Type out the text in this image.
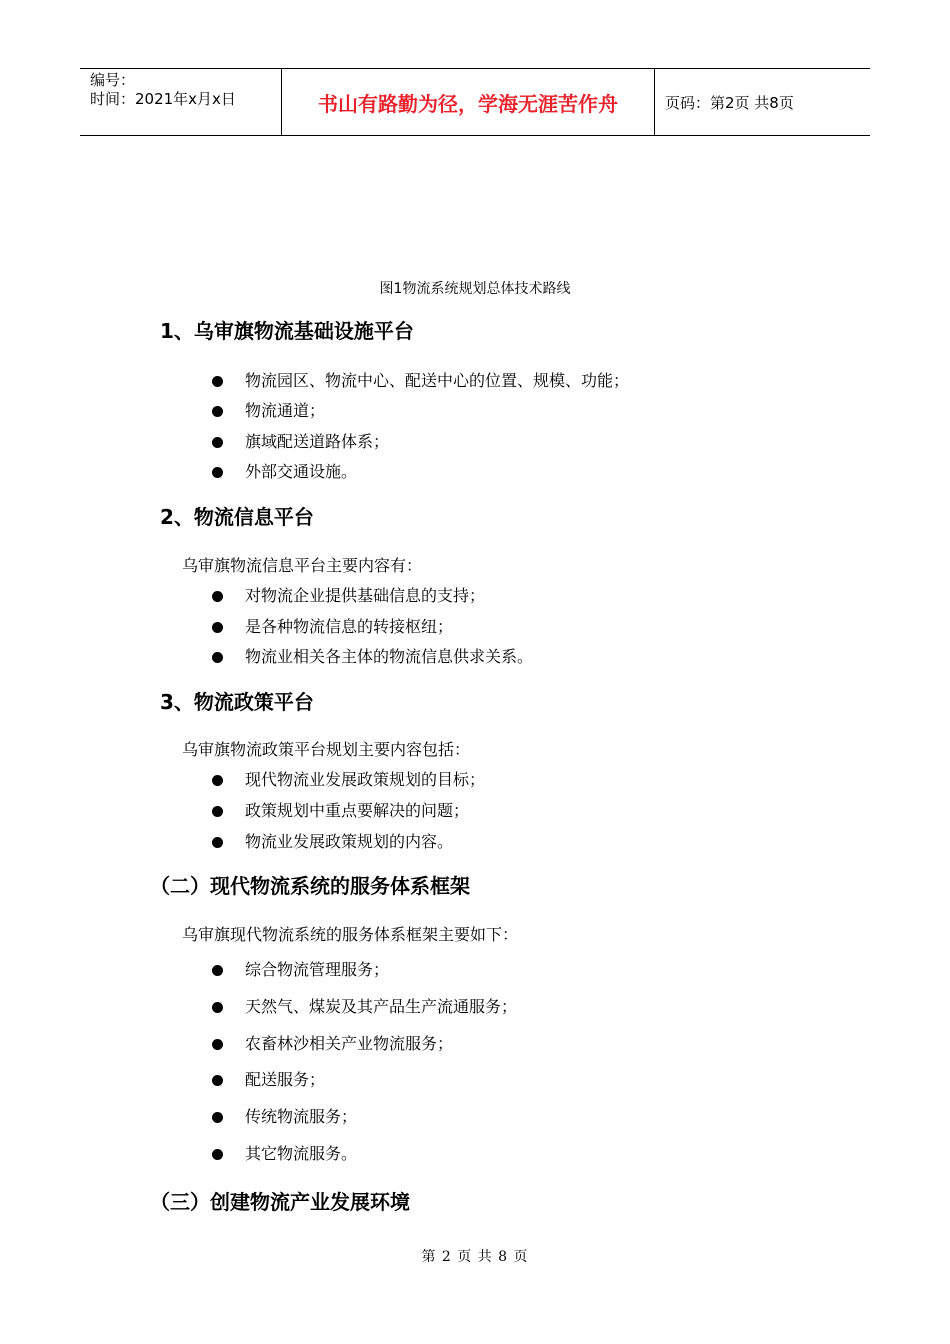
编号：
时间：2021年x月x日	书山有路勤为径，学海无涯苦作舟	页码：第2页 共8页
图1物流系统规划总体技术路线
1、乌审旗物流基础设施平台
物流园区、物流中心、配送中心的位置、规模、功能；
物流通道；
旗域配送道路体系；
外部交通设施。
2、物流信息平台
乌审旗物流信息平台主要内容有：
对物流企业提供基础信息的支持；
是各种物流信息的转接枢纽；
物流业相关各主体的物流信息供求关系。
3、物流政策平台
乌审旗物流政策平台规划主要内容包括：
现代物流业发展政策规划的目标；
政策规划中重点要解决的问题；
物流业发展政策规划的内容。
（二）现代物流系统的服务体系框架
乌审旗现代物流系统的服务体系框架主要如下：
综合物流管理服务；
天然气、煤炭及其产品生产流通服务；
农畜林沙相关产业物流服务；
配送服务；
传统物流服务；
其它物流服务。
（三）创建物流产业发展环境
第 2 页 共 8 页
